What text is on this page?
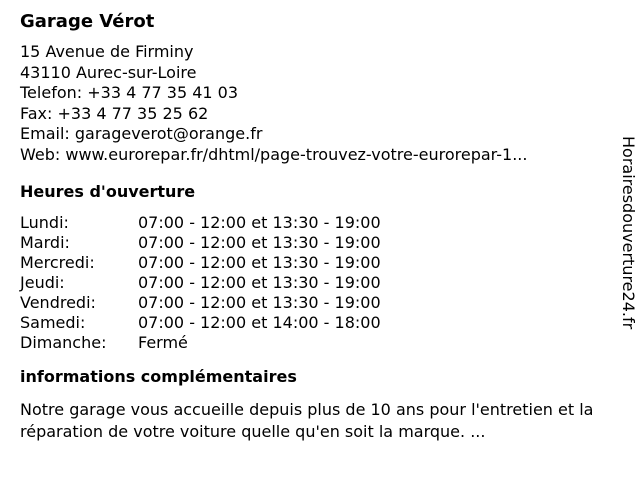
Garage Vérot
15 Avenue de Firminy
43110 Aurec-sur-Loire
Telefon: +33 4 77 35 41 03
Fax: +33 4 77 35 25 62
Email: garageverot@orange.fr
Web: www.eurorepar.fr/dhtml/page-trouvez-votre-eurorepar-1...
Heures d'ouverture
Lundi:	07:00 - 12:00 et 13:30 - 19:00
Mardi:	07:00 - 12:00 et 13:30 - 19:00
Mercredi:	07:00 - 12:00 et 13:30 - 19:00
Jeudi:	07:00 - 12:00 et 13:30 - 19:00
Vendredi:	07:00 - 12:00 et 13:30 - 19:00
Samedi:	07:00 - 12:00 et 14:00 - 18:00
Dimanche:	Fermé
informations complémentaires
Notre garage vous accueille depuis plus de 10 ans pour l'entretien et la réparation de votre voiture quelle qu'en soit la marque. ...
Horairesdouverture24.fr
